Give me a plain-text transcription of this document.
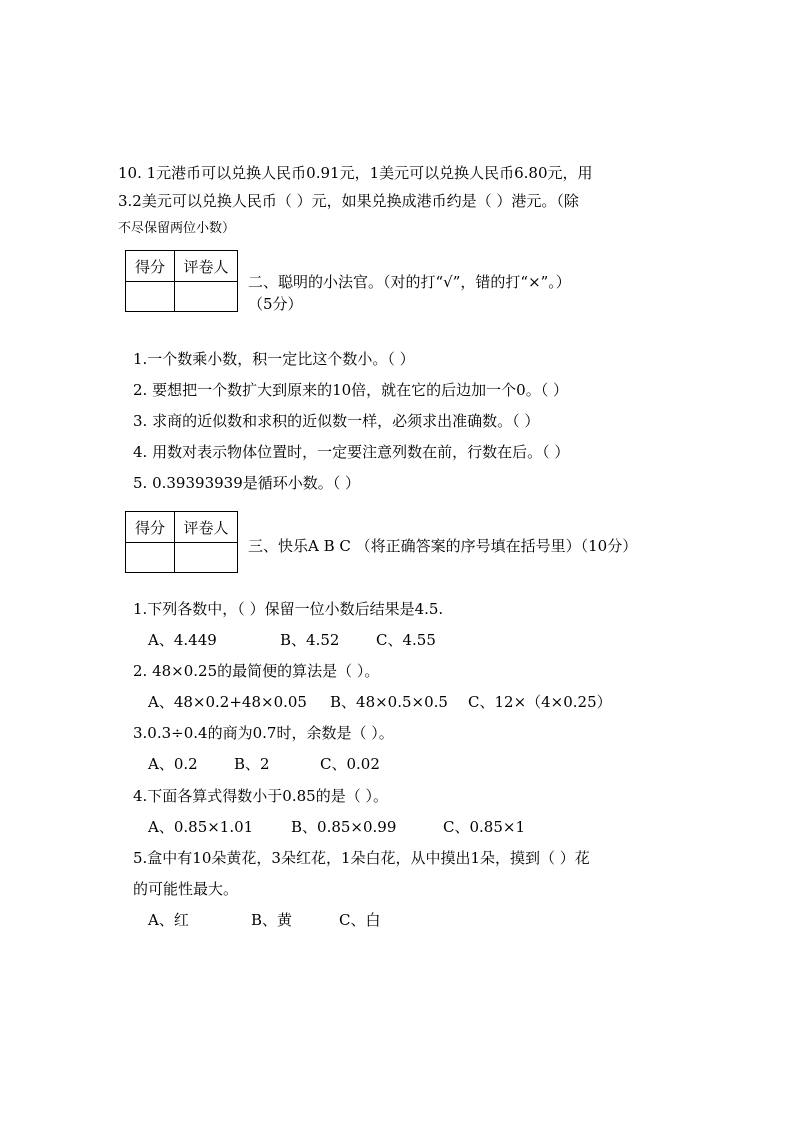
10. 1元港币可以兑换人民币0.91元，1美元可以兑换人民币6.80元，用
3.2美元可以兑换人民币（ ）元，如果兑换成港币约是（ ）港元。（除
不尽保留两位小数）
得分	评卷人

二、聪明的小法官。（对的打“√”，错的打“×”。）
（5分）
1.一个数乘小数，积一定比这个数小。（ ）
2. 要想把一个数扩大到原来的10倍，就在它的后边加一个0。（ ）
3. 求商的近似数和求积的近似数一样，必须求出准确数。（ ）
4. 用数对表示物体位置时，一定要注意列数在前，行数在后。（ ）
5. 0.39393939是循环小数。（ ）
得分	评卷人

三、快乐A B C （将正确答案的序号填在括号里）（10分）
1.下列各数中，（ ）保留一位小数后结果是4.5.
A、4.449	B、4.52 C、4.55
2. 48×0.25的最简便的算法是（ ）。
A、48×0.2+48×0.05 B、48×0.5×0.5 C、12×（4×0.25）
3.0.3÷0.4的商为0.7时，余数是（ ）。
A、0.2 B、2	C、0.02
4.下面各算式得数小于0.85的是（ ）。
A、0.85×1.01	B、0.85×0.99	C、0.85×1
5.盒中有10朵黄花，3朵红花，1朵白花，从中摸出1朵，摸到（ ）花
的可能性最大。
A、红	B、黄	C、白
